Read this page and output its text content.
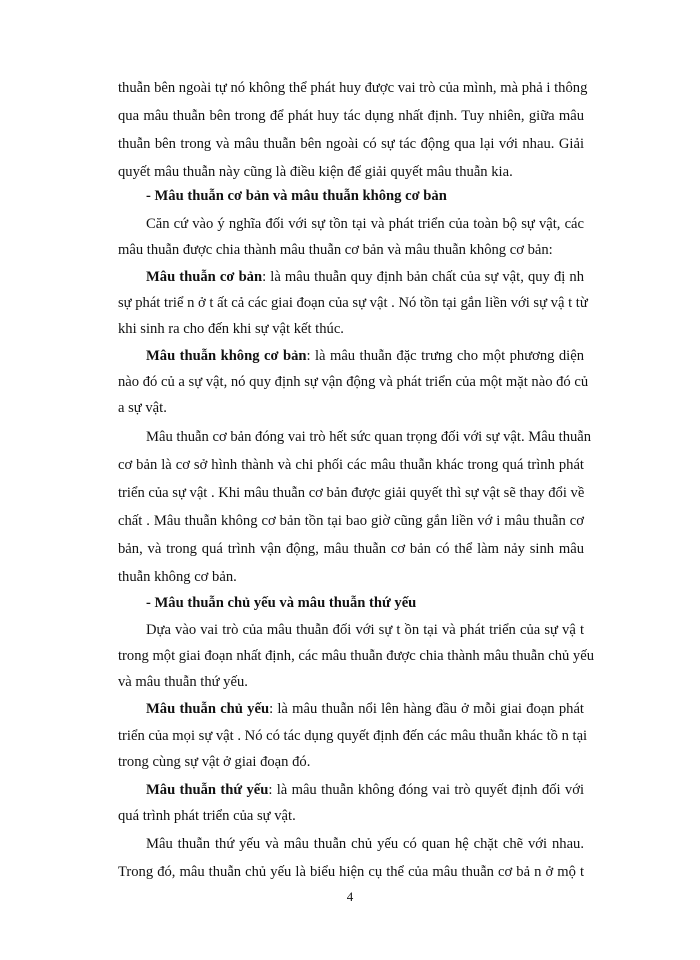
thuẫn bên ngoài tự nó không thể phát huy được vai trò của mình, mà phả i thông
qua mâu thuẫn bên trong để phát huy tác dụng nhất định. Tuy nhiên, giữa mâu
thuẫn bên trong và mâu thuẫn bên ngoài có sự tác động qua lại với nhau. Giải
quyết mâu thuẫn này cũng là điều kiện để giải quyết mâu thuẫn kia.
- Mâu thuẫn cơ bản và mâu thuẫn không cơ bản
Căn cứ vào ý nghĩa đối với sự tồn tại và phát triển của toàn bộ sự vật, các
mâu thuẫn được chia thành mâu thuẫn cơ bản và mâu thuẫn không cơ bản:
Mâu thuẫn cơ bản: là mâu thuẫn quy định bản chất của sự vật, quy đị nh
sự phát triể n ở t ất cả các giai đoạn của sự vật . Nó tồn tại gắn liền với sự vậ t từ
khi sinh ra cho đến khi sự vật kết thúc.
Mâu thuẫn không cơ bản: là mâu thuẫn đặc trưng cho một phương diện
nào đó củ a sự vật, nó quy định sự vận động và phát triển của một mặt nào đó củ
a sự vật.
Mâu thuẫn cơ bản đóng vai trò hết sức quan trọng đối với sự vật. Mâu thuẫn
cơ bản là cơ sở hình thành và chi phối các mâu thuẫn khác trong quá trình phát
triển của sự vật . Khi mâu thuẫn cơ bản được giải quyết thì sự vật sẽ thay đổi về
chất . Mâu thuẫn không cơ bản tồn tại bao giờ cũng gắn liền vớ i mâu thuẫn cơ
bản, và trong quá trình vận động, mâu thuẫn cơ bản có thể làm nảy sinh mâu
thuẫn không cơ bản.
- Mâu thuẫn chủ yếu và mâu thuẫn thứ yếu
Dựa vào vai trò của mâu thuẫn đối với sự t ồn tại và phát triển của sự vậ t
trong một giai đoạn nhất định, các mâu thuẫn được chia thành mâu thuẫn chủ yếu
và mâu thuẫn thứ yếu.
Mâu thuẫn chủ yếu: là mâu thuẫn nổi lên hàng đầu ở mỗi giai đoạn phát
triển của mọi sự vật . Nó có tác dụng quyết định đến các mâu thuẫn khác tồ n tại
trong cùng sự vật ở giai đoạn đó.
Mâu thuẫn thứ yếu: là mâu thuẫn không đóng vai trò quyết định đối với
quá trình phát triển của sự vật.
Mâu thuẫn thứ yếu và mâu thuẫn chủ yếu có quan hệ chặt chẽ với nhau.
Trong đó, mâu thuẫn chủ yếu là biểu hiện cụ thể của mâu thuẫn cơ bả n ở mộ t
4
